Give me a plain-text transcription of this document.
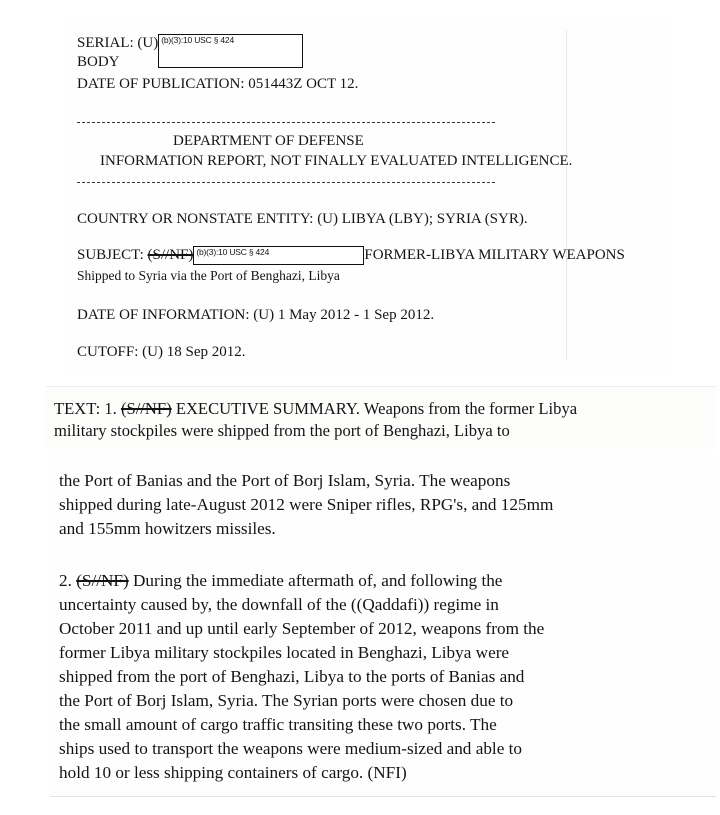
SERIAL: (U) (b)(3):10 USC § 424
BODY
DATE OF PUBLICATION: 051443Z OCT 12.
DEPARTMENT OF DEFENSE
INFORMATION REPORT, NOT FINALLY EVALUATED INTELLIGENCE.
COUNTRY OR NONSTATE ENTITY: (U) LIBYA (LBY); SYRIA (SYR).
SUBJECT: (S//NF) (b)(3):10 USC § 424	FORMER-LIBYA MILITARY WEAPONS
Shipped to Syria via the Port of Benghazi, Libya
DATE OF INFORMATION: (U) 1 May 2012 - 1 Sep 2012.
CUTOFF: (U) 18 Sep 2012.
TEXT: 1. (S//NF) EXECUTIVE SUMMARY. Weapons from the former Libya
military stockpiles were shipped from the port of Benghazi, Libya to
the Port of Banias and the Port of Borj Islam, Syria. The weapons
shipped during late-August 2012 were Sniper rifles, RPG's, and 125mm
and 155mm howitzers missiles.
2. (S//NF) During the immediate aftermath of, and following the
uncertainty caused by, the downfall of the ((Qaddafi)) regime in
October 2011 and up until early September of 2012, weapons from the
former Libya military stockpiles located in Benghazi, Libya were
shipped from the port of Benghazi, Libya to the ports of Banias and
the Port of Borj Islam, Syria. The Syrian ports were chosen due to
the small amount of cargo traffic transiting these two ports. The
ships used to transport the weapons were medium-sized and able to
hold 10 or less shipping containers of cargo. (NFI)
